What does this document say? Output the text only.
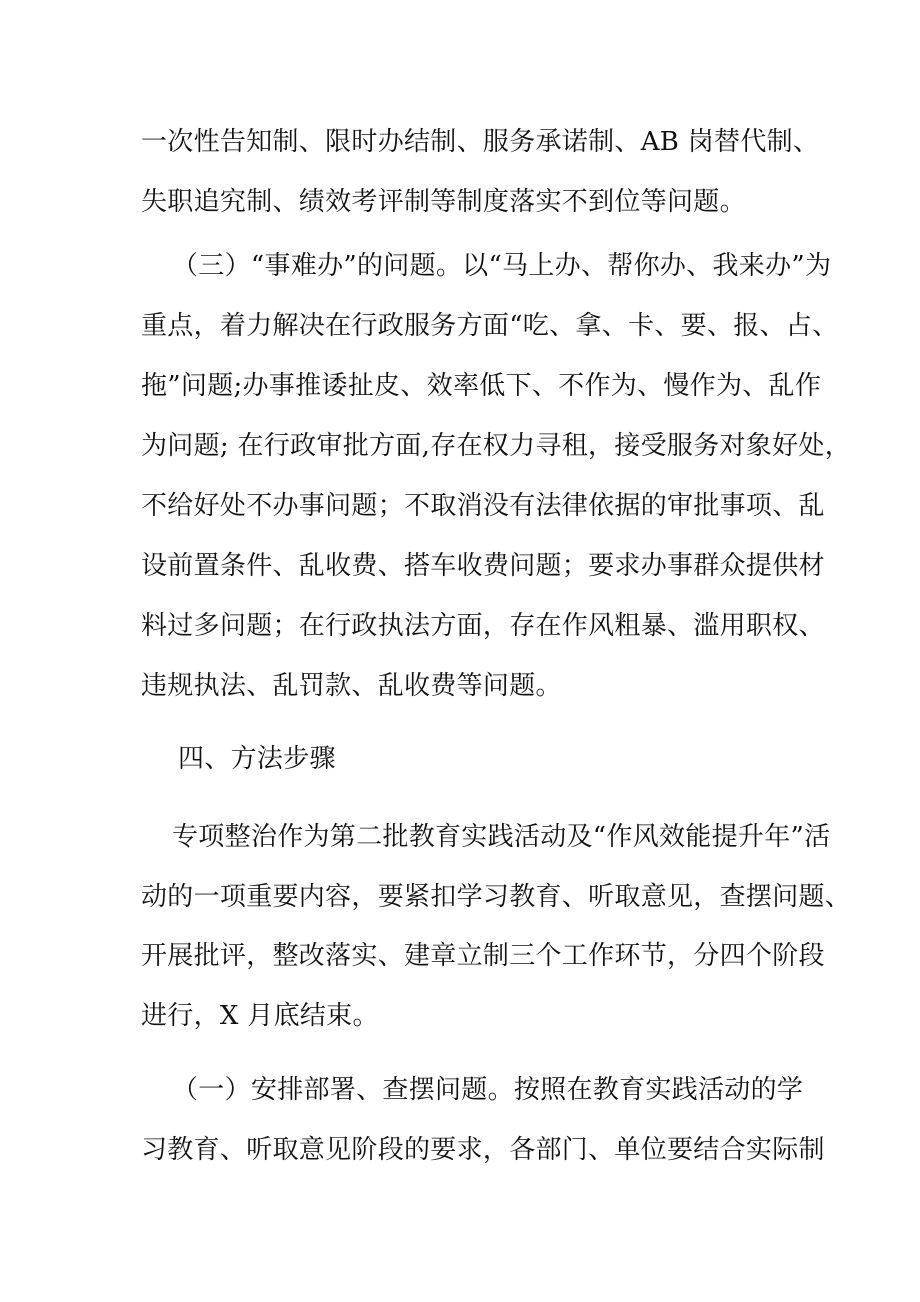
一次性告知制、限时办结制、服务承诺制、AB 岗替代制、
失职追究制、绩效考评制等制度落实不到位等问题。
（三）“事难办”的问题。以“马上办、帮你办、我来办”为
重点，着力解决在行政服务方面“吃、拿、卡、要、报、占、
拖”问题;办事推诿扯皮、效率低下、不作为、慢作为、乱作
为问题; 在行政审批方面,存在权力寻租，接受服务对象好处，
不给好处不办事问题；不取消没有法律依据的审批事项、乱
设前置条件、乱收费、搭车收费问题；要求办事群众提供材
料过多问题；在行政执法方面，存在作风粗暴、滥用职权、
违规执法、乱罚款、乱收费等问题。
四、方法步骤
专项整治作为第二批教育实践活动及“作风效能提升年”活
动的一项重要内容，要紧扣学习教育、听取意见，查摆问题、
开展批评，整改落实、建章立制三个工作环节，分四个阶段
进行，X 月底结束。
（一）安排部署、查摆问题。按照在教育实践活动的学
习教育、听取意见阶段的要求，各部门、单位要结合实际制
